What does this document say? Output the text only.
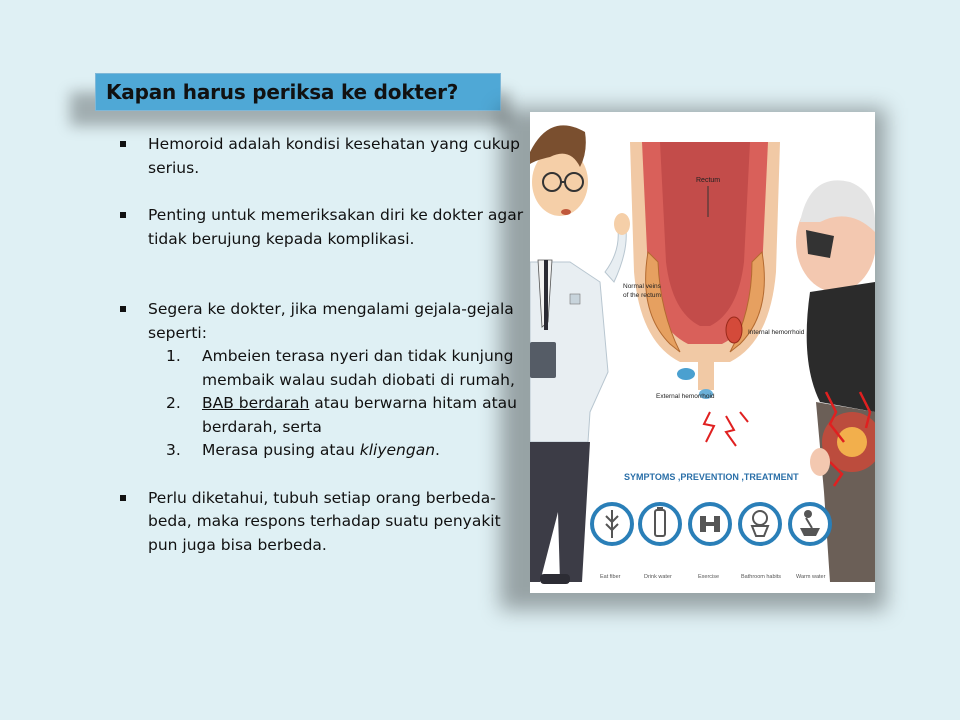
Kapan harus periksa ke dokter?
Hemoroid adalah kondisi kesehatan yang cukup serius.
Penting untuk memeriksakan diri ke dokter agar tidak berujung kepada komplikasi.
Segera ke dokter, jika mengalami gejala-gejala seperti:
1. Ambeien terasa nyeri dan tidak kunjung membaik walau sudah diobati di rumah,
2. BAB berdarah atau berwarna hitam atau berdarah, serta
3. Merasa pusing atau kliyengan.
Perlu diketahui, tubuh setiap orang berbeda-beda, maka respons terhadap suatu penyakit pun juga bisa berbeda.
Rectum
Normal veins
of the rectum
Internal hemorrhoid
External hemorrhoid
SYMPTOMS ,PREVENTION ,TREATMENT
Eat fiber	Drink water	Exercise	Bathroom habits	Warm water
